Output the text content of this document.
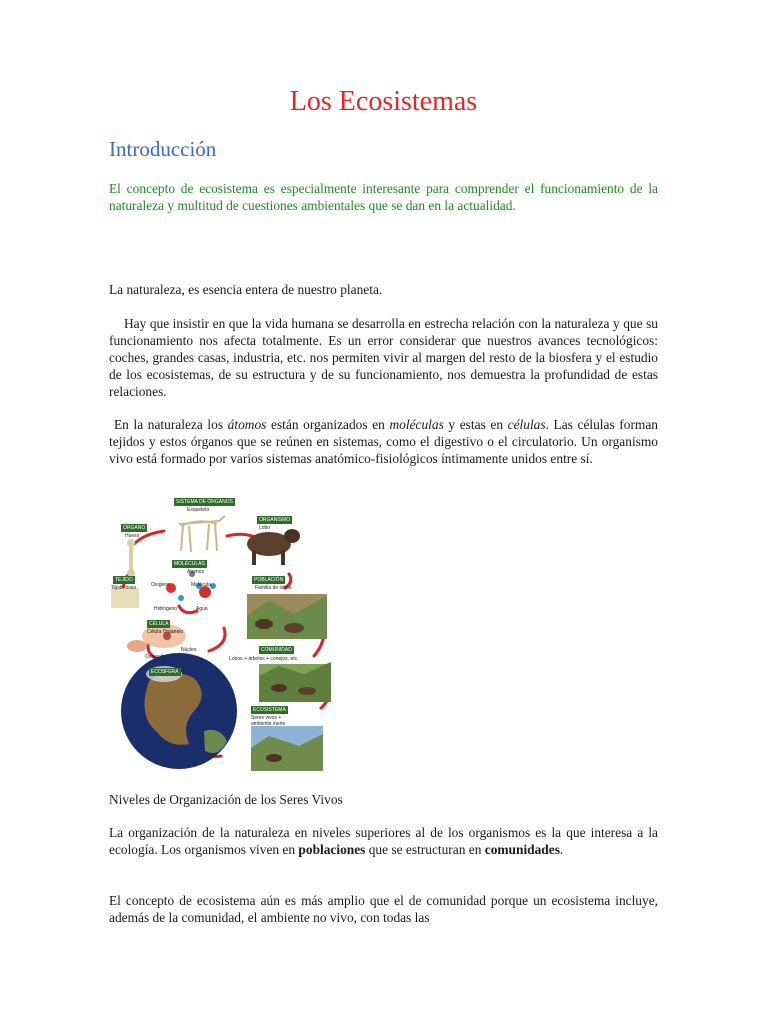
Los Ecosistemas
Introducción

El concepto de ecosistema es especialmente interesante para comprender el funcionamiento de la naturaleza y multitud de cuestiones ambientales que se dan en la actualidad.

La naturaleza, es esencia entera de nuestro planeta.

Hay que insistir en que la vida humana se desarrolla en estrecha relación con la naturaleza y que su funcionamiento nos afecta totalmente. Es un error considerar que nuestros avances tecnológicos: coches, grandes casas, industria, etc. nos permiten vivir al margen del resto de la biosfera y el estudio de los ecosistemas, de su estructura y de su funcionamiento, nos demuestra la profundidad de estas relaciones.

En la naturaleza los átomos están organizados en moléculas y estas en células. Las células forman tejidos y estos órganos que se reúnen en sistemas, como el digestivo o el circulatorio. Un organismo vivo está formado por varios sistemas anatómico-fisiológicos íntimamente unidos entre sí.

SISTEMA DE ÓRGANOS
Esqueleto
ÓRGANO
Hueso
ORGANISMO
Lobo
MOLÉCULAS
Átomos
Oxígeno	Molécula
Hidrógeno	Agua
TEJIDO
Tejido óseo
POBLACIÓN
Familia de lobos
CÉLULA
Célula Organelo
Núcleo
Osteocito
COMUNIDAD
Lobos + árboles + conejos, etc.
ECOSFERA
ECOSISTEMA
Seres vivos +
ambiente inerte

Niveles de Organización de los Seres Vivos

La organización de la naturaleza en niveles superiores al de los organismos es la que interesa a la ecología. Los organismos viven en poblaciones que se estructuran en comunidades.

El concepto de ecosistema aún es más amplio que el de comunidad porque un ecosistema incluye, además de la comunidad, el ambiente no vivo, con todas las
